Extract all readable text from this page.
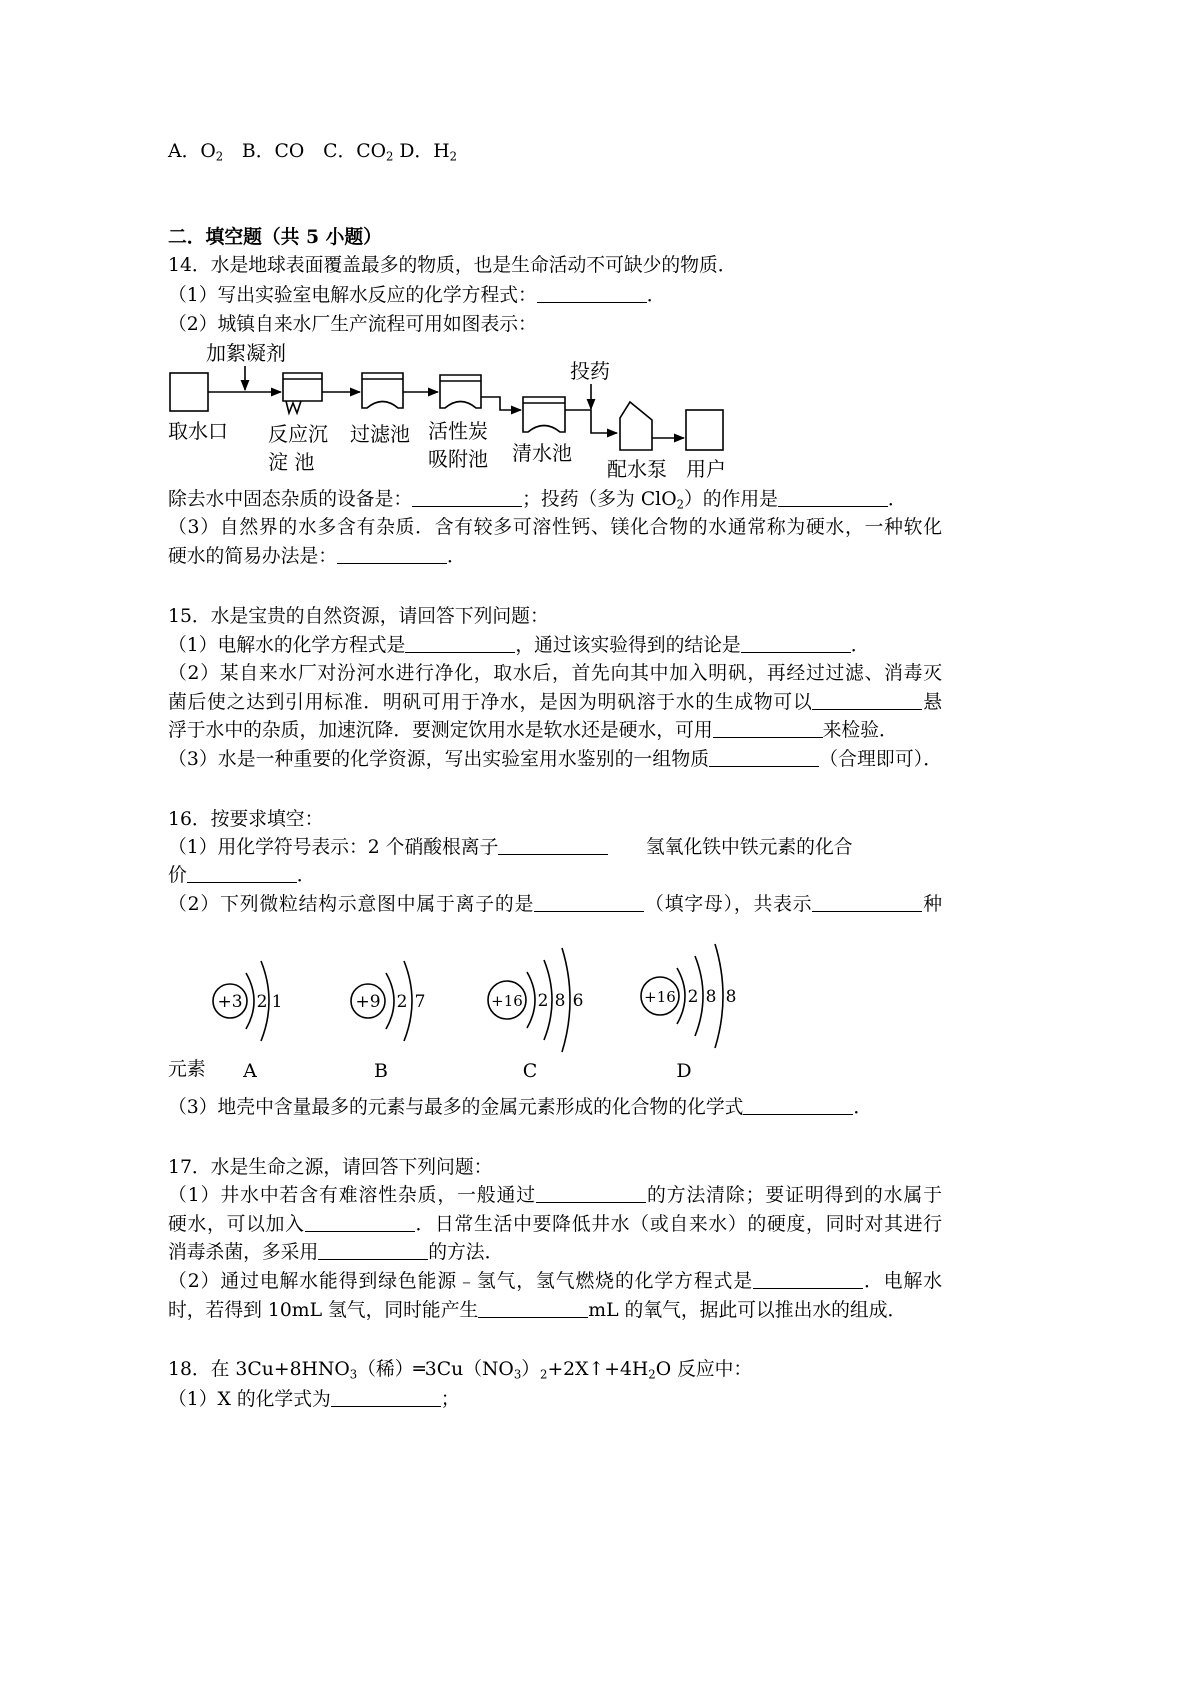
A．$O_2$　B．CO　C．$CO_2$ D．$H_2$
14．水是地球表面覆盖最多的物质，也是生命活动不可缺少的物质．
（1）写出实验室电解水反应的化学方程式：	．
（2）城镇自来水厂生产流程可用如图表示：
除去水中固态杂质的设备是：	；投药（多为 ClO$_2$）的作用是	．
（3）自然界的水多含有杂质．含有较多可溶性钙、镁化合物的水通常称为硬水，一种软化
硬水的简易办法是：	．
15．水是宝贵的自然资源，请回答下列问题：
（1）电解水的化学方程式是	，通过该实验得到的结论是	．
（2）某自来水厂对汾河水进行净化，取水后，首先向其中加入明矾，再经过过滤、消毒灭
菌后使之达到引用标准．明矾可用于净水，是因为明矾溶于水的生成物可以	悬
浮于水中的杂质，加速沉降．要测定饮用水是软水还是硬水，可用	来检验．
（3）水是一种重要的化学资源，写出实验室用水鉴别的一组物质	（合理即可）．
16．按要求填空：
（1）用化学符号表示：2 个硝酸根离子	　　氢氧化铁中铁元素的化合
价	．
（2）下列微粒结构示意图中属于离子的是	（填字母），共表示	种
（3）地壳中含量最多的元素与最多的金属元素形成的化合物的化学式	．
17．水是生命之源，请回答下列问题：
（1）井水中若含有难溶性杂质，一般通过	的方法清除；要证明得到的水属于
硬水，可以加入	．日常生活中要降低井水（或自来水）的硬度，同时对其进行
消毒杀菌，多采用	的方法．
（2）通过电解水能得到绿色能源﹣氢气，氢气燃烧的化学方程式是	．电解水
时，若得到 10mL 氢气，同时能产生	mL 的氧气，据此可以推出水的组成．
18．在 $3Cu+8HNO_3$（稀）$═3Cu(NO_3)_2+2X↑+4H_2O$ 反应中：
（1）X 的化学式为	；
二．填空题（共 5 小题）
加絮凝剂
投药
取水口 反应沉
淀 池
过滤池 活性炭
吸附池 清水池
配水泵 用户
+3 2 1
A
+9 2 7
B
+16 2 8 6
C
+16 2 8 8
D
元素
